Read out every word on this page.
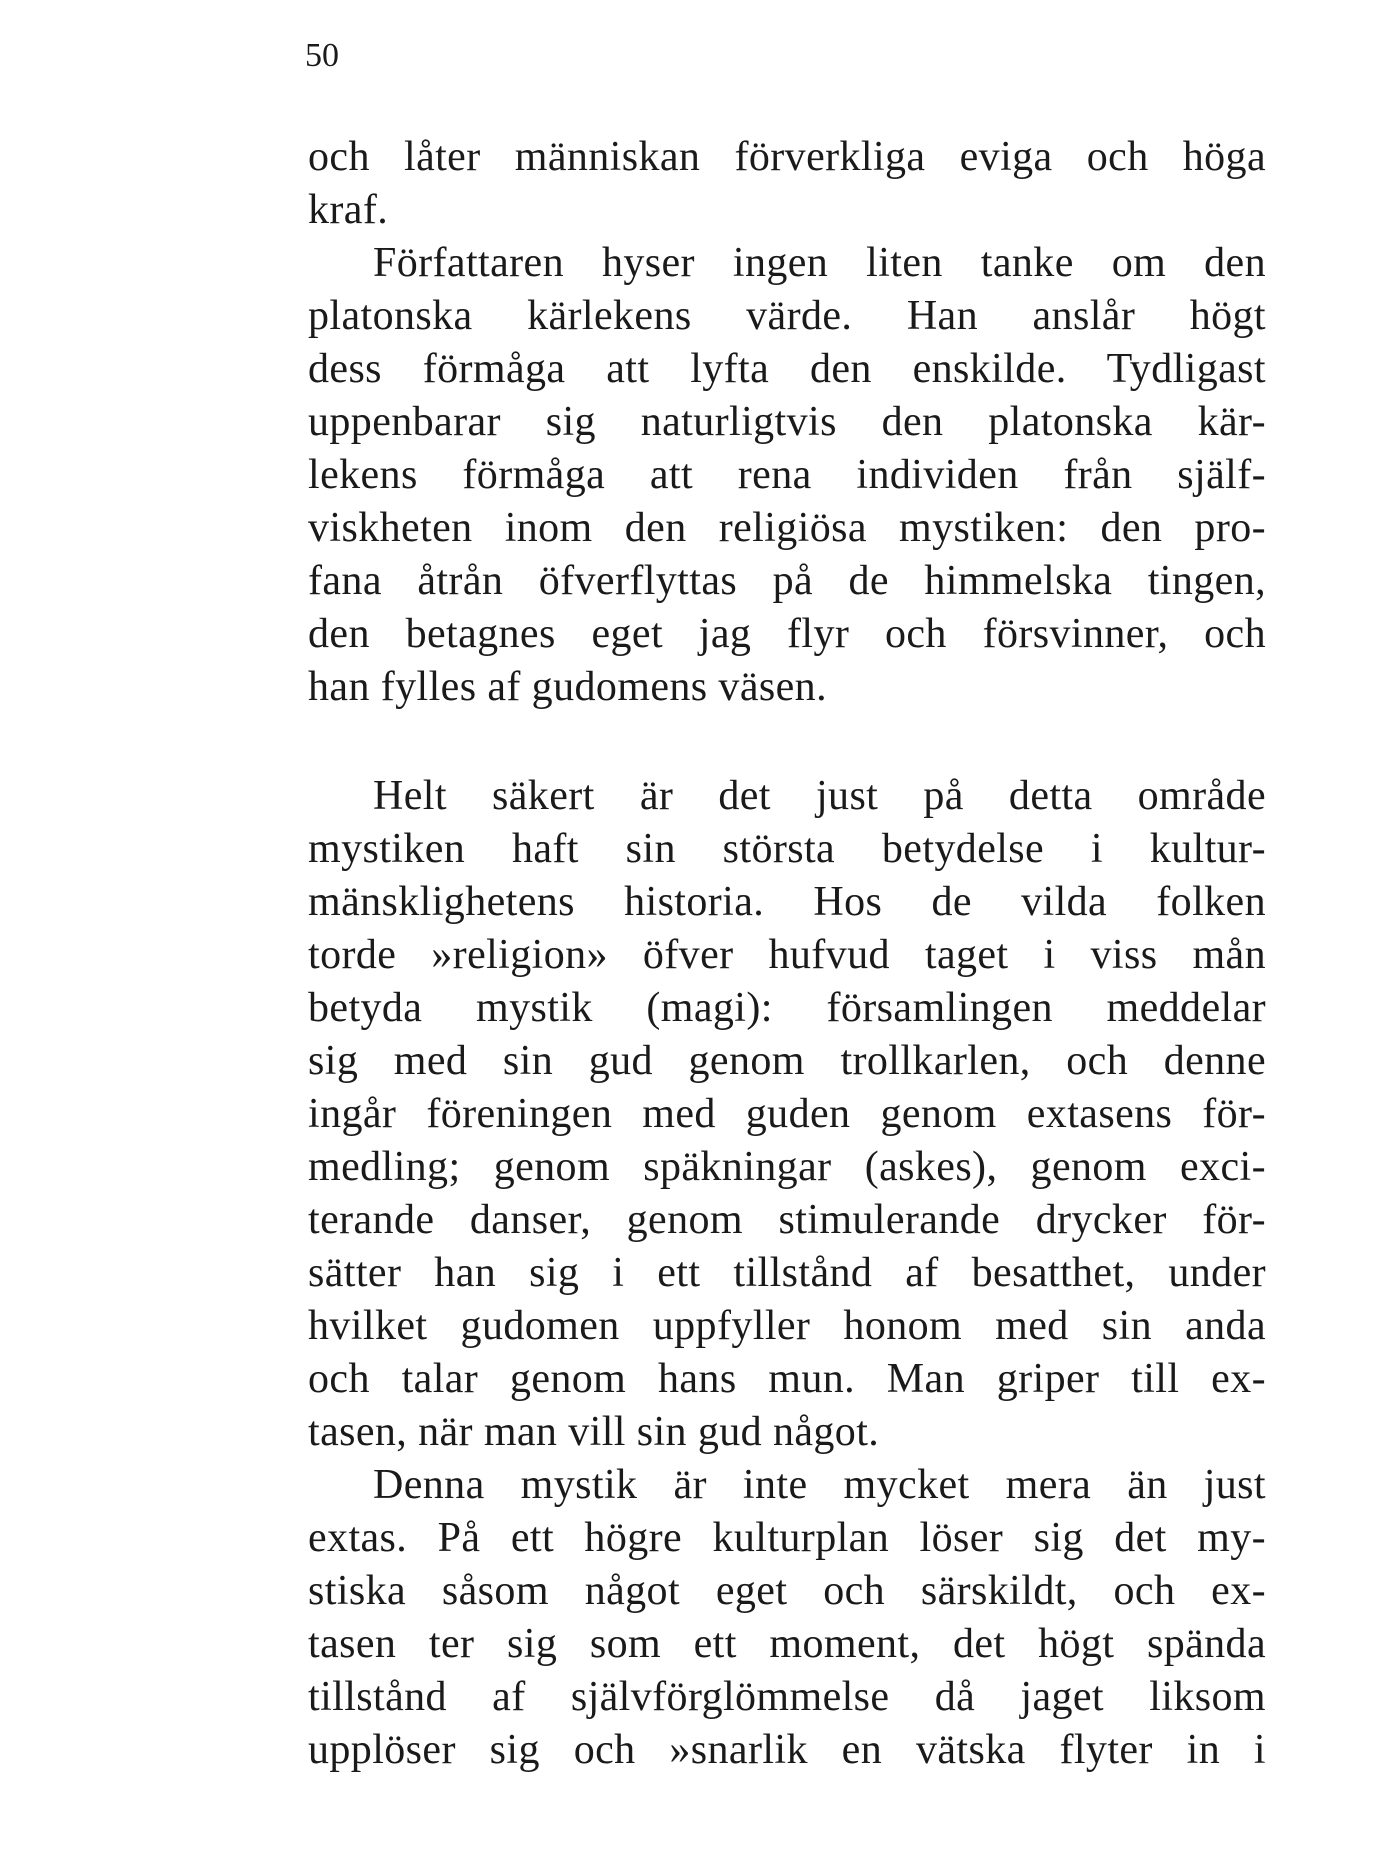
50
och låter människan förverkliga eviga och höga
kraf.
Författaren hyser ingen liten tanke om den
platonska kärlekens värde. Han anslår högt
dess förmåga att lyfta den enskilde. Tydligast
uppenbarar sig naturligtvis den platonska kär-
lekens förmåga att rena individen från själf-
viskheten inom den religiösa mystiken: den pro-
fana åtrån öfverflyttas på de himmelska tingen,
den betagnes eget jag flyr och försvinner, och
han fylles af gudomens väsen.
Helt säkert är det just på detta område
mystiken haft sin största betydelse i kultur-
mänsklighetens historia. Hos de vilda folken
torde »religion» öfver hufvud taget i viss mån
betyda mystik (magi): församlingen meddelar
sig med sin gud genom trollkarlen, och denne
ingår föreningen med guden genom extasens för-
medling; genom späkningar (askes), genom exci-
terande danser, genom stimulerande drycker för-
sätter han sig i ett tillstånd af besatthet, under
hvilket gudomen uppfyller honom med sin anda
och talar genom hans mun. Man griper till ex-
tasen, när man vill sin gud något.
Denna mystik är inte mycket mera än just
extas. På ett högre kulturplan löser sig det my-
stiska såsom något eget och särskildt, och ex-
tasen ter sig som ett moment, det högt spända
tillstånd af självförglömmelse då jaget liksom
upplöser sig och »snarlik en vätska flyter in i
